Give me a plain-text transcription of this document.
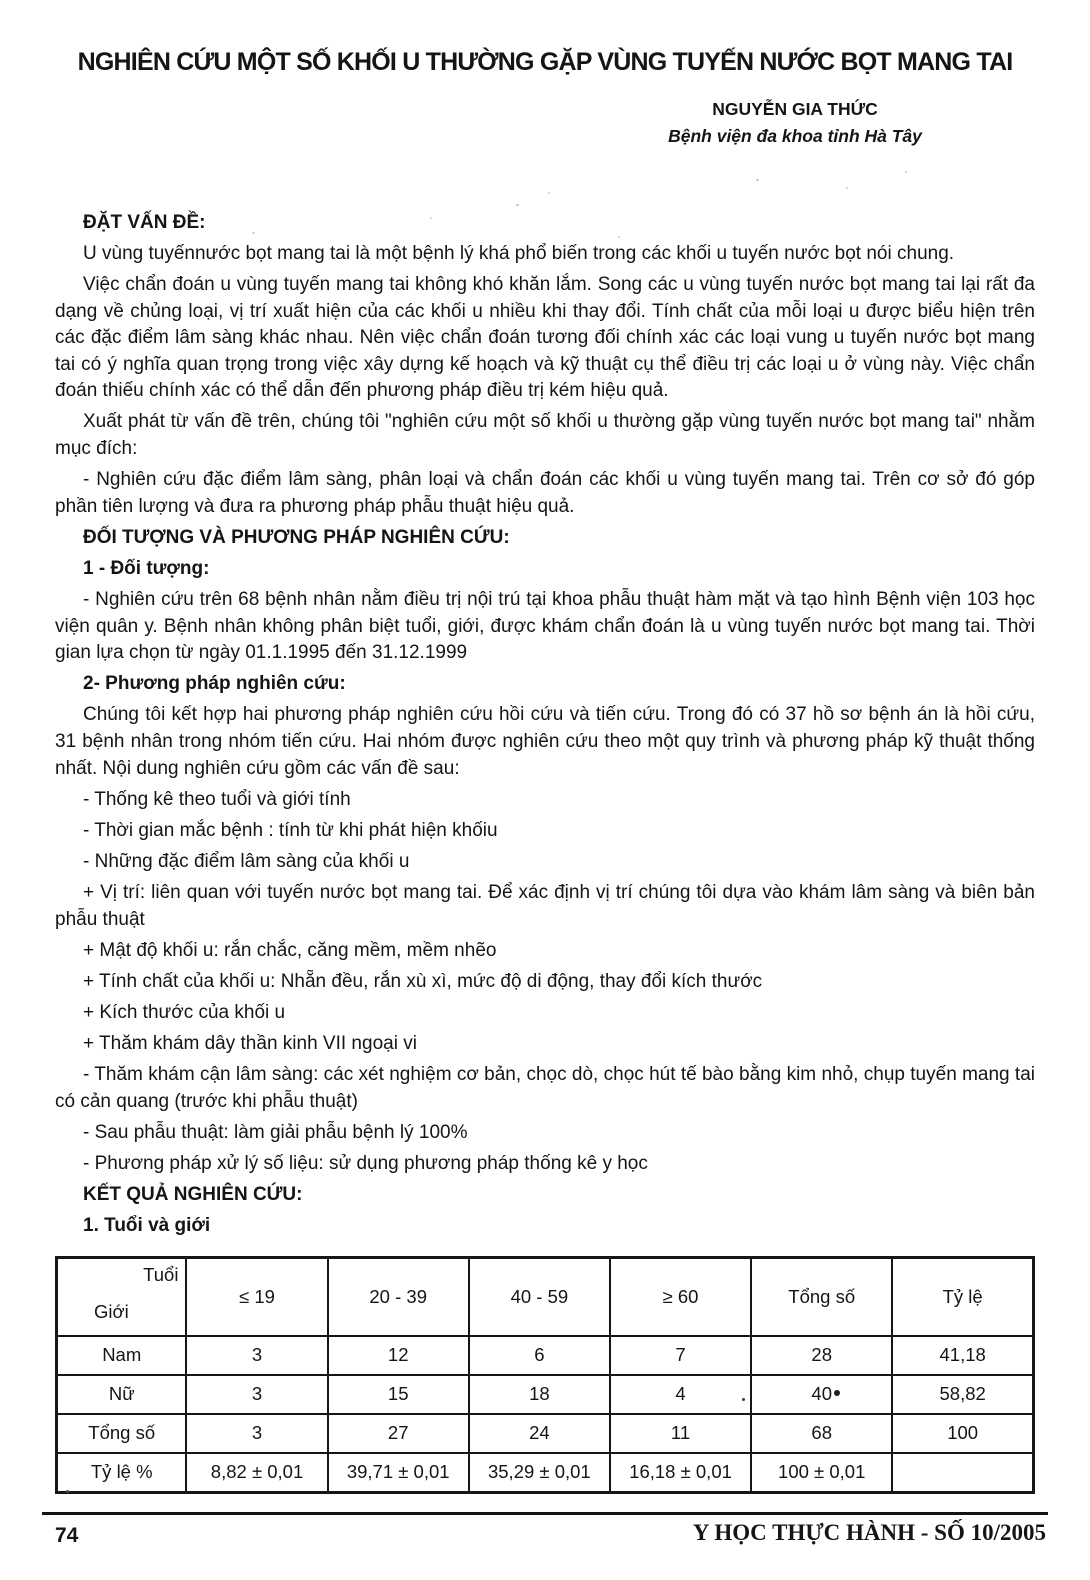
NGHIÊN CỨU MỘT SỐ KHỐI U THƯỜNG GẶP VÙNG TUYẾN NƯỚC BỌT MANG TAI
NGUYỄN GIA THỨC
Bệnh viện đa khoa tỉnh Hà Tây

ĐẶT VẤN ĐỀ:

U vùng tuyếnnước bọt mang tai là một bệnh lý khá phổ biến trong các khối u tuyến nước bọt nói chung.

Việc chẩn đoán u vùng tuyến mang tai không khó khăn lắm. Song các u vùng tuyến nước bọt mang tai lại rất đa dạng về chủng loại, vị trí xuất hiện của các khối u nhiều khi thay đổi. Tính chất của mỗi loại u được biểu hiện trên các đặc điểm lâm sàng khác nhau. Nên việc chẩn đoán tương đối chính xác các loại vung u tuyến nước bọt mang tai có ý nghĩa quan trọng trong việc xây dựng kế hoạch và kỹ thuật cụ thể điều trị các loại u ở vùng này. Việc chẩn đoán thiếu chính xác có thể dẫn đến phương pháp điều trị kém hiệu quả.

Xuất phát từ vấn đề trên, chúng tôi "nghiên cứu một số khối u thường gặp vùng tuyến nước bọt mang tai" nhằm mục đích:

- Nghiên cứu đặc điểm lâm sàng, phân loại và chẩn đoán các khối u vùng tuyến mang tai. Trên cơ sở đó góp phần tiên lượng và đưa ra phương pháp phẫu thuật hiệu quả.

ĐỐI TƯỢNG VÀ PHƯƠNG PHÁP NGHIÊN CỨU:

1 - Đối tượng:

- Nghiên cứu trên 68 bệnh nhân nằm điều trị nội trú tại khoa phẫu thuật hàm mặt và tạo hình Bệnh viện 103 học viện quân y. Bệnh nhân không phân biệt tuổi, giới, được khám chẩn đoán là u vùng tuyến nước bọt mang tai. Thời gian lựa chọn từ ngày 01.1.1995 đến 31.12.1999

2- Phương pháp nghiên cứu:

Chúng tôi kết hợp hai phương pháp nghiên cứu hồi cứu và tiến cứu. Trong đó có 37 hồ sơ bệnh án là hồi cứu, 31 bệnh nhân trong nhóm tiến cứu. Hai nhóm được nghiên cứu theo một quy trình và phương pháp kỹ thuật thống nhất. Nội dung nghiên cứu gồm các vấn đề sau:

- Thống kê theo tuổi và giới tính

- Thời gian mắc bệnh : tính từ khi phát hiện khốiu

- Những đặc điểm lâm sàng của khối u

+ Vị trí: liên quan với tuyến nước bọt mang tai. Để xác định vị trí chúng tôi dựa vào khám lâm sàng và biên bản phẫu thuật

+ Mật độ khối u: rắn chắc, căng mềm, mềm nhẽo

+ Tính chất của khối u: Nhẵn đều, rắn xù xì, mức độ di động, thay đổi kích thước

+ Kích thước của khối u

+ Thăm khám dây thần kinh VII ngoại vi

- Thăm khám cận lâm sàng: các xét nghiệm cơ bản, chọc dò, chọc hút tế bào bằng kim nhỏ, chụp tuyến mang tai có cản quang (trước khi phẫu thuật)

- Sau phẫu thuật: làm giải phẫu bệnh lý 100%

- Phương pháp xử lý số liệu: sử dụng phương pháp thống kê y học

KẾT QUẢ NGHIÊN CỨU:

1. Tuổi và giới

Tuổi
Giới	≤ 19	20 - 39	40 - 59	≥ 60	Tổng số	Tỷ lệ
Nam	3	12	6	7	28	41,18
Nữ	3	15	18	4	40	58,82
Tổng số	3	27	24	11	68	100
Tỷ lệ %	8,82 ± 0,01	39,71 ± 0,01	35,29 ± 0,01	16,18 ± 0,01	100 ± 0,01	
74	Y HỌC THỰC HÀNH - SỐ 10/2005
